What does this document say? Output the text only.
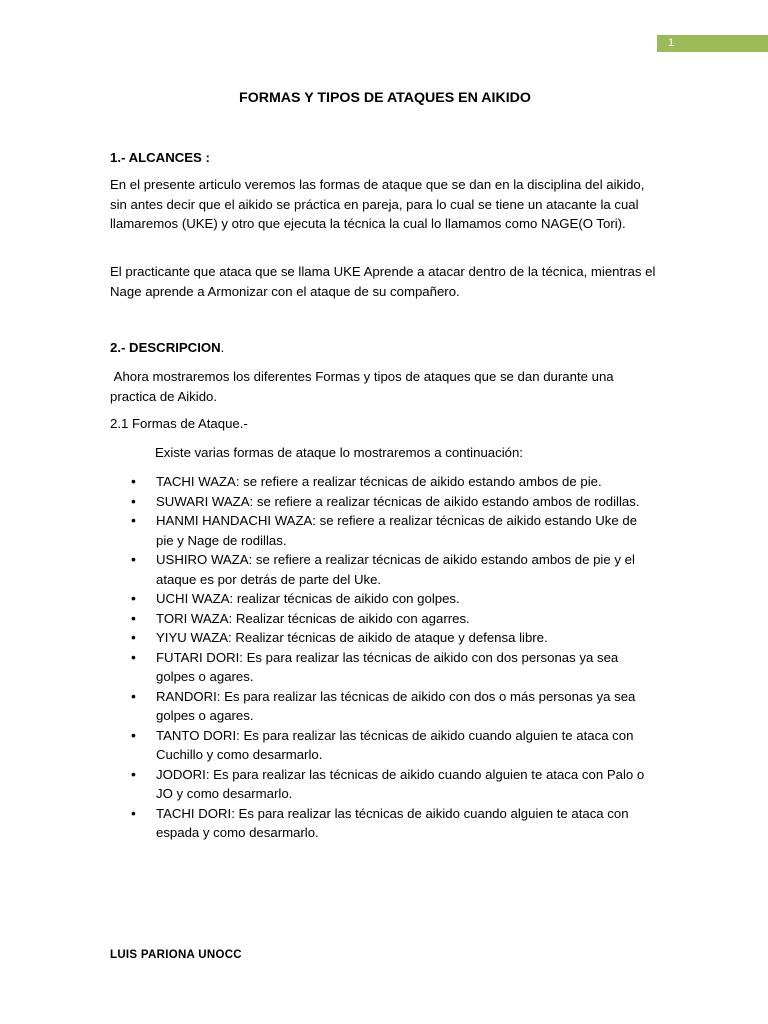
1
FORMAS Y TIPOS DE ATAQUES EN AIKIDO

1.- ALCANCES :

En el presente articulo veremos las formas de ataque que se dan en la disciplina del aikido, sin antes decir que el aikido se práctica en pareja, para lo cual se tiene un atacante la cual llamaremos (UKE) y otro que ejecuta la técnica la cual lo llamamos como NAGE(O Tori).

El practicante que ataca que se llama UKE Aprende a atacar dentro de la técnica, mientras el Nage aprende a Armonizar con el ataque de su compañero.

2.- DESCRIPCION.

Ahora mostraremos los diferentes Formas y tipos de ataques que se dan durante una practica de Aikido.

2.1 Formas de Ataque.-

Existe varias formas de ataque lo mostraremos a continuación:

• TACHI WAZA: se refiere a realizar técnicas de aikido estando ambos de pie.
• SUWARI WAZA: se refiere a realizar técnicas de aikido estando ambos de rodillas.
• HANMI HANDACHI WAZA: se refiere a realizar técnicas de aikido estando Uke de pie y Nage de rodillas.
• USHIRO WAZA: se refiere a realizar técnicas de aikido estando ambos de pie y el ataque es por detrás de parte del Uke.
• UCHI WAZA: realizar técnicas de aikido con golpes.
• TORI WAZA: Realizar técnicas de aikido con agarres.
• YIYU WAZA: Realizar técnicas de aikido de ataque y defensa libre.
• FUTARI DORI: Es para realizar las técnicas de aikido con dos personas ya sea golpes o agares.
• RANDORI: Es para realizar las técnicas de aikido con dos o más personas ya sea golpes o agares.
• TANTO DORI: Es para realizar las técnicas de aikido cuando alguien te ataca con Cuchillo y como desarmarlo.
• JODORI: Es para realizar las técnicas de aikido cuando alguien te ataca con Palo o JO y como desarmarlo.
• TACHI DORI: Es para realizar las técnicas de aikido cuando alguien te ataca con espada y como desarmarlo.
LUIS PARIONA UNOCC
